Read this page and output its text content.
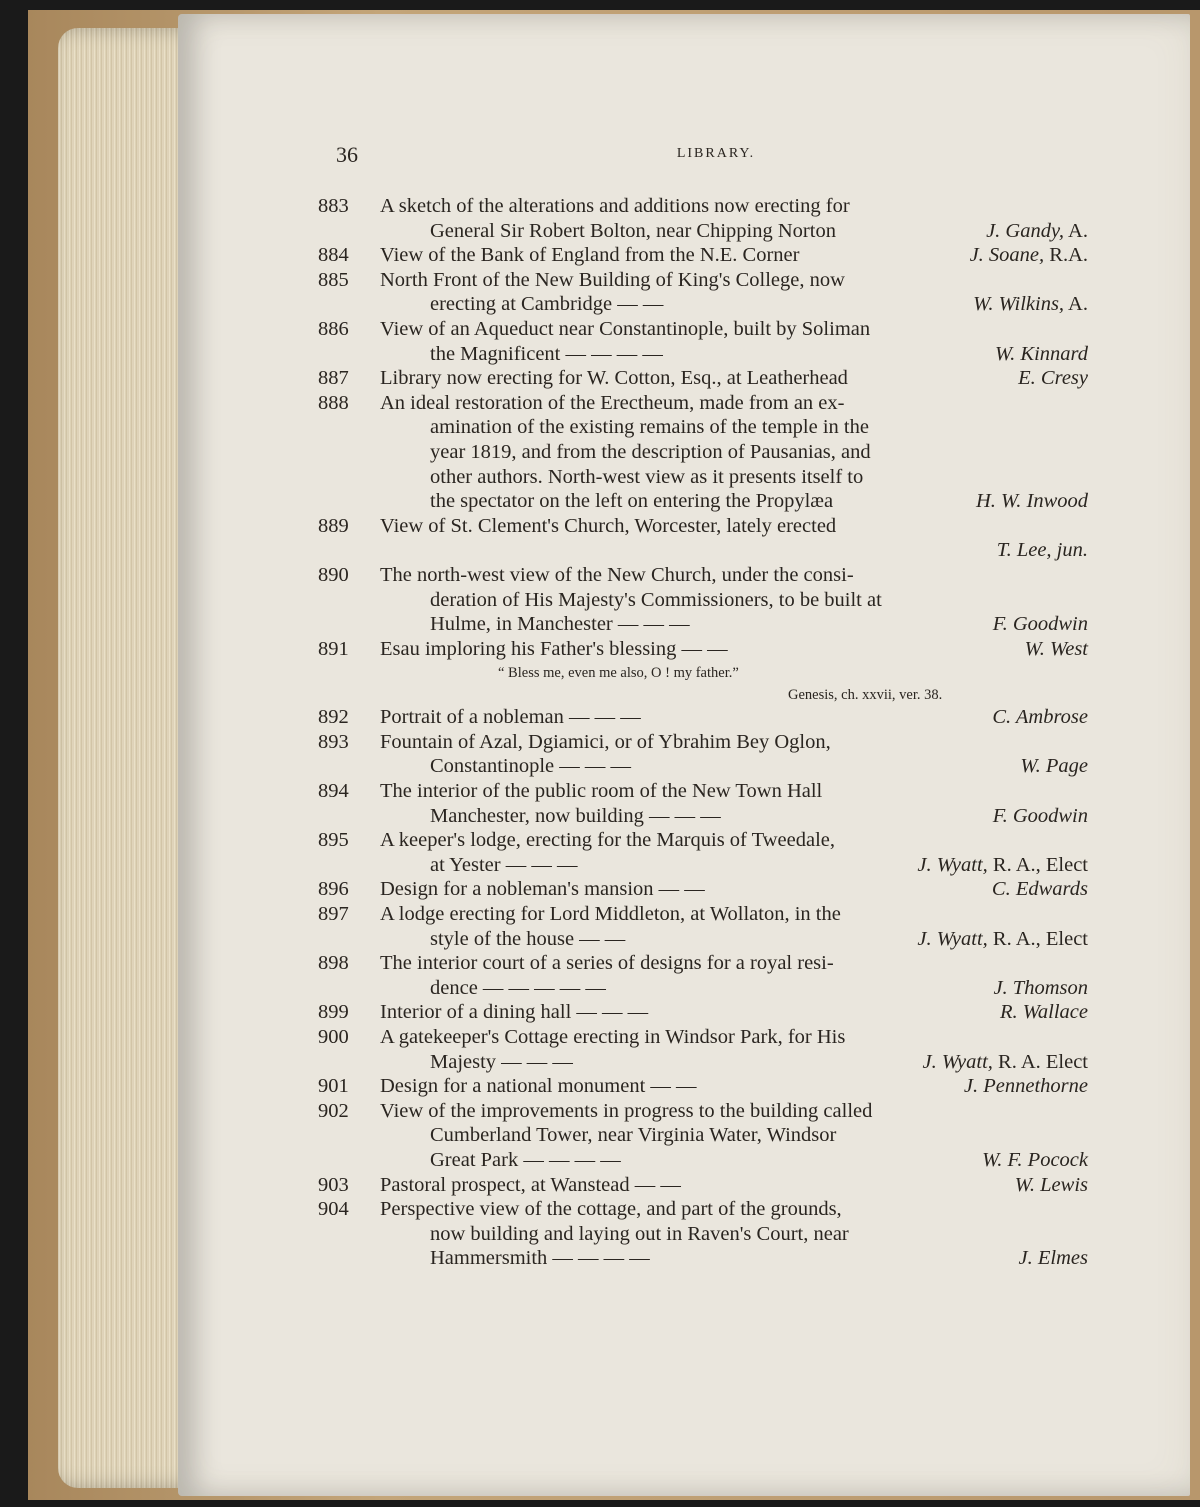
36	LIBRARY.
883	A sketch of the alterations and additions now erecting for
General Sir Robert Bolton, near Chipping Norton	J. Gandy, A.
884	View of the Bank of England from the N.E. Corner	J. Soane, R.A.
885	North Front of the New Building of King's College, now
erecting at Cambridge — —	W. Wilkins, A.
886	View of an Aqueduct near Constantinople, built by Soliman
the Magnificent — — — —	W. Kinnard
887	Library now erecting for W. Cotton, Esq., at Leatherhead	E. Cresy
888	An ideal restoration of the Erectheum, made from an ex-
amination of the existing remains of the temple in the
year 1819, and from the description of Pausanias, and
other authors. North-west view as it presents itself to
the spectator on the left on entering the Propylæa	H. W. Inwood
889	View of St. Clement's Church, Worcester, lately erected
T. Lee, jun.
890	The north-west view of the New Church, under the consi-
deration of His Majesty's Commissioners, to be built at
Hulme, in Manchester — — —	F. Goodwin
891	Esau imploring his Father's blessing — —	W. West
“ Bless me, even me also, O ! my father.”
Genesis, ch. xxvii, ver. 38.
892	Portrait of a nobleman — — —	C. Ambrose
893	Fountain of Azal, Dgiamici, or of Ybrahim Bey Oglon,
Constantinople — — —	W. Page
894	The interior of the public room of the New Town Hall
Manchester, now building — — —	F. Goodwin
895	A keeper's lodge, erecting for the Marquis of Tweedale,
at Yester — — —	J. Wyatt, R. A., Elect
896	Design for a nobleman's mansion — —	C. Edwards
897	A lodge erecting for Lord Middleton, at Wollaton, in the
style of the house — —	J. Wyatt, R. A., Elect
898	The interior court of a series of designs for a royal resi-
dence — — — — —	J. Thomson
899	Interior of a dining hall — — —	R. Wallace
900	A gatekeeper's Cottage erecting in Windsor Park, for His
Majesty — — —	J. Wyatt, R. A. Elect
901	Design for a national monument — —	J. Pennethorne
902	View of the improvements in progress to the building called
Cumberland Tower, near Virginia Water, Windsor
Great Park — — — —	W. F. Pocock
903	Pastoral prospect, at Wanstead — —	W. Lewis
904	Perspective view of the cottage, and part of the grounds,
now building and laying out in Raven's Court, near
Hammersmith — — — —	J. Elmes
